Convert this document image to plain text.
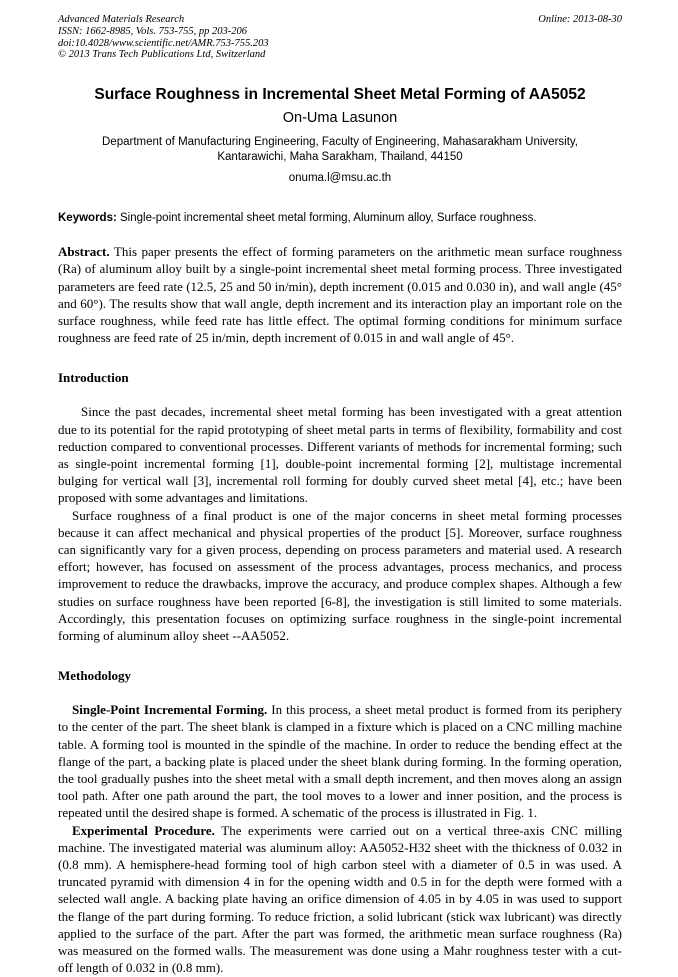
Advanced Materials Research
ISSN: 1662-8985, Vols. 753-755, pp 203-206
doi:10.4028/www.scientific.net/AMR.753-755.203
© 2013 Trans Tech Publications Ltd, Switzerland
Online: 2013-08-30
Surface Roughness in Incremental Sheet Metal Forming of AA5052
On-Uma Lasunon
Department of Manufacturing Engineering, Faculty of Engineering, Mahasarakham University,
Kantarawichi, Maha Sarakham, Thailand, 44150
onuma.l@msu.ac.th
Keywords: Single-point incremental sheet metal forming, Aluminum alloy, Surface roughness.
Abstract. This paper presents the effect of forming parameters on the arithmetic mean surface roughness (Ra) of aluminum alloy built by a single-point incremental sheet metal forming process. Three investigated parameters are feed rate (12.5, 25 and 50 in/min), depth increment (0.015 and 0.030 in), and wall angle (45° and 60°). The results show that wall angle, depth increment and its interaction play an important role on the surface roughness, while feed rate has little effect. The optimal forming conditions for minimum surface roughness are feed rate of 25 in/min, depth increment of 0.015 in and wall angle of 45°.
Introduction
Since the past decades, incremental sheet metal forming has been investigated with a great attention due to its potential for the rapid prototyping of sheet metal parts in terms of flexibility, formability and cost reduction compared to conventional processes. Different variants of methods for incremental forming; such as single-point incremental forming [1], double-point incremental forming [2], multistage incremental bulging for vertical wall [3], incremental roll forming for doubly curved sheet metal [4], etc.; have been proposed with some advantages and limitations.
Surface roughness of a final product is one of the major concerns in sheet metal forming processes because it can affect mechanical and physical properties of the product [5]. Moreover, surface roughness can significantly vary for a given process, depending on process parameters and material used. A research effort; however, has focused on assessment of the process advantages, process mechanics, and process improvement to reduce the drawbacks, improve the accuracy, and produce complex shapes. Although a few studies on surface roughness have been reported [6-8], the investigation is still limited to some materials. Accordingly, this presentation focuses on optimizing surface roughness in the single-point incremental forming of aluminum alloy sheet --AA5052.
Methodology
Single-Point Incremental Forming. In this process, a sheet metal product is formed from its periphery to the center of the part. The sheet blank is clamped in a fixture which is placed on a CNC milling machine table. A forming tool is mounted in the spindle of the machine. In order to reduce the bending effect at the flange of the part, a backing plate is placed under the sheet blank during forming. In the forming operation, the tool gradually pushes into the sheet metal with a small depth increment, and then moves along an assign tool path. After one path around the part, the tool moves to a lower and inner position, and the process is repeated until the desired shape is formed. A schematic of the process is illustrated in Fig. 1.
Experimental Procedure. The experiments were carried out on a vertical three-axis CNC milling machine. The investigated material was aluminum alloy: AA5052-H32 sheet with the thickness of 0.032 in (0.8 mm). A hemisphere-head forming tool of high carbon steel with a diameter of 0.5 in was used. A truncated pyramid with dimension 4 in for the opening width and 0.5 in for the depth were formed with a selected wall angle. A backing plate having an orifice dimension of 4.05 in by 4.05 in was used to support the flange of the part during forming. To reduce friction, a solid lubricant (stick wax lubricant) was directly applied to the surface of the part. After the part was formed, the arithmetic mean surface roughness (Ra) was measured on the formed walls. The measurement was done using a Mahr roughness tester with a cut-off length of 0.032 in (0.8 mm).
